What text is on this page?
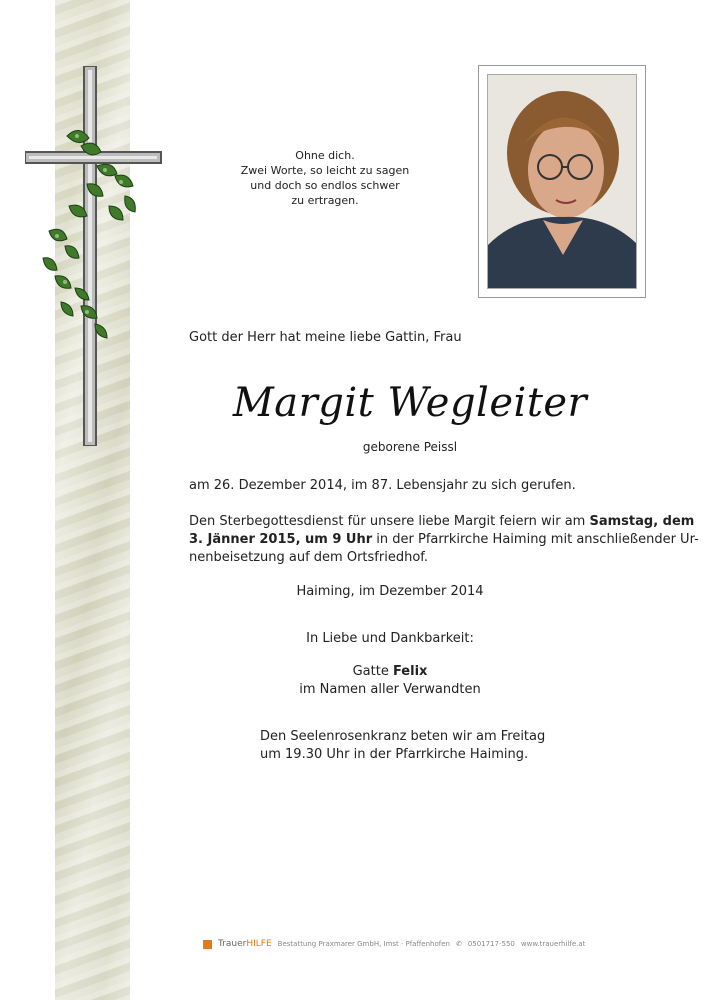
Ohne dich.
Zwei Worte, so leicht zu sagen
und doch so endlos schwer
zu ertragen.
Gott der Herr hat meine liebe Gattin, Frau
Margit Wegleiter
geborene Peissl
am 26. Dezember 2014, im 87. Lebensjahr zu sich gerufen.
Den Sterbegottesdienst für unsere liebe Margit feiern wir am Samstag, dem
3. Jänner 2015, um 9 Uhr in der Pfarrkirche Haiming mit anschließender Ur-
nenbeisetzung auf dem Ortsfriedhof.
Haiming, im Dezember 2014
In Liebe und Dankbarkeit:
Gatte Felix
im Namen aller Verwandten
Den Seelenrosenkranz beten wir am Freitag
um 19.30 Uhr in der Pfarrkirche Haiming.
TrauerHILFE Bestattung Praxmarer GmbH, Imst · Pfaffenhofen ✆ 0501717-550 www.trauerhilfe.at
